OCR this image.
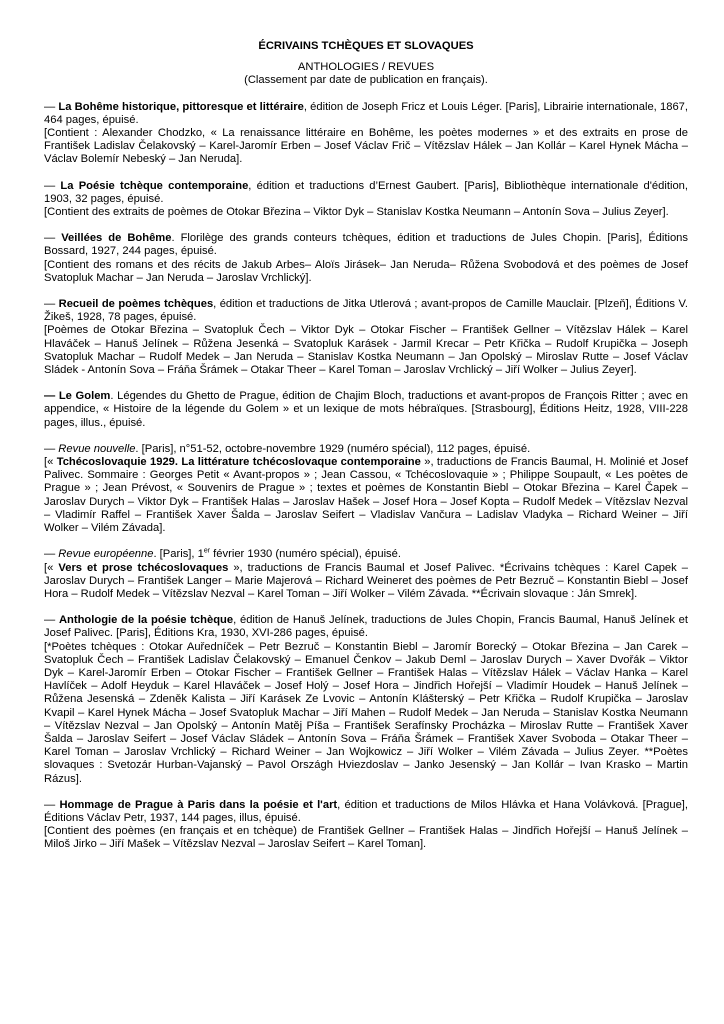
ÉCRIVAINS TCHÈQUES ET SLOVAQUES

ANTHOLOGIES / REVUES
(Classement par date de publication en français).

— La Bohême historique, pittoresque et littéraire, édition de Joseph Fricz et Louis Léger. [Paris], Librairie internationale, 1867, 464 pages, épuisé.

[Contient : Alexander Chodzko, « La renaissance littéraire en Bohême, les poètes modernes » et des extraits en prose de František Ladislav Čelakovský – Karel-Jaromír Erben – Josef Václav Frič – Vítězslav Hálek – Jan Kollár – Karel Hynek Mácha – Václav Bolemír Nebeský – Jan Neruda].

— La Poésie tchèque contemporaine, édition et traductions d’Ernest Gaubert. [Paris], Bibliothèque internationale d'édition, 1903, 32 pages, épuisé.

[Contient des extraits de poèmes de Otokar Březina – Viktor Dyk – Stanislav Kostka Neumann – Antonín Sova – Julius Zeyer].

— Veillées de Bohême. Florilège des grands conteurs tchèques, édition et traductions de Jules Chopin. [Paris], Éditions Bossard, 1927, 244 pages, épuisé.

[Contient des romans et des récits de Jakub Arbes– Aloïs Jirásek– Jan Neruda– Růžena Svobodová et des poèmes de Josef Svatopluk Machar – Jan Neruda – Jaroslav Vrchlický].

— Recueil de poèmes tchèques, édition et traductions de Jitka Utlerová ; avant-propos de Camille Mauclair. [Plzeň], Éditions V. Žikeš, 1928, 78 pages, épuisé.

[Poèmes de Otokar Březina – Svatopluk Čech – Viktor Dyk – Otokar Fischer – František Gellner – Vítězslav Hálek – Karel Hlaváček – Hanuš Jelínek – Růžena Jesenká – Svatopluk Karásek - Jarmil Krecar – Petr Křička – Rudolf Krupička – Joseph Svatopluk Machar – Rudolf Medek – Jan Neruda – Stanislav Kostka Neumann – Jan Opolský – Miroslav Rutte – Josef Václav Sládek - Antonín Sova – Fráňa Šrámek – Otakar Theer – Karel Toman – Jaroslav Vrchlický – Jiří Wolker – Julius Zeyer].

— Le Golem. Légendes du Ghetto de Prague, édition de Chajim Bloch, traductions et avant-propos de François Ritter ; avec en appendice, « Histoire de la légende du Golem » et un lexique de mots hébraïques. [Strasbourg], Éditions Heitz, 1928, VIII-228 pages, illus., épuisé.

— Revue nouvelle. [Paris], n°51-52, octobre-novembre 1929 (numéro spécial), 112 pages, épuisé.

[« Tchécoslovaquie 1929. La littérature tchécoslovaque contemporaine », traductions de Francis Baumal, H. Molinié et Josef Palivec. Sommaire : Georges Petit « Avant-propos » ; Jean Cassou, « Tchécoslovaquie » ; Philippe Soupault, « Les poètes de Prague » ; Jean Prévost, « Souvenirs de Prague » ; textes et poèmes de Konstantin Biebl – Otokar Březina – Karel Čapek – Jaroslav Durych – Viktor Dyk – František Halas – Jaroslav Hašek – Josef Hora – Josef Kopta – Rudolf Medek – Vítězslav Nezval – Vladimír Raffel – František Xaver Šalda – Jaroslav Seifert – Vladislav Vančura – Ladislav Vladyka – Richard Weiner – Jiří Wolker – Vilém Závada].

— Revue européenne. [Paris], 1er février 1930 (numéro spécial), épuisé.

[« Vers et prose tchécoslovaques », traductions de Francis Baumal et Josef Palivec. *Écrivains tchèques : Karel Capek – Jaroslav Durych – František Langer – Marie Majerová – Richard Weineret des poèmes de Petr Bezruč – Konstantin Biebl – Josef Hora – Rudolf Medek – Vítězslav Nezval – Karel Toman – Jiří Wolker – Vilém Závada. **Écrivain slovaque : Ján Smrek].

— Anthologie de la poésie tchèque, édition de Hanuš Jelínek, traductions de Jules Chopin, Francis Baumal, Hanuš Jelínek et Josef Palivec. [Paris], Éditions Kra, 1930, XVI-286 pages, épuisé.

[*Poètes tchèques : Otokar Auředníček – Petr Bezruč – Konstantin Biebl – Jaromír Borecký – Otokar Březina – Jan Carek – Svatopluk Čech – František Ladislav Čelakovský – Emanuel Čenkov – Jakub Deml – Jaroslav Durych – Xaver Dvořák – Viktor Dyk – Karel-Jaromír Erben – Otokar Fischer – František Gellner – František Halas – Vítězslav Hálek – Václav Hanka – Karel Havlíček – Adolf Heyduk – Karel Hlaváček – Josef Holý – Josef Hora – Jindřich Hořejší – Vladimír Houdek – Hanuš Jelínek – Růžena Jesenská – Zdeněk Kalista – Jiří Karásek Ze Lvovic – Antonín Klášterský – Petr Křička – Rudolf Krupička – Jaroslav Kvapil – Karel Hynek Mácha – Josef Svatopluk Machar – Jiří Mahen – Rudolf Medek – Jan Neruda – Stanislav Kostka Neumann – Vítězslav Nezval – Jan Opolský – Antonín Matěj Píša – František Serafínsky Procházka – Miroslav Rutte – František Xaver Šalda – Jaroslav Seifert – Josef Václav Sládek – Antonín Sova – Fráňa Šrámek – František Xaver Svoboda – Otakar Theer – Karel Toman – Jaroslav Vrchlický – Richard Weiner – Jan Wojkowicz – Jiří Wolker – Vilém Závada – Julius Zeyer. **Poètes slovaques : Svetozár Hurban-Vajanský – Pavol Országh Hviezdoslav – Janko Jesenský – Jan Kollár – Ivan Krasko – Martin Rázus].

— Hommage de Prague à Paris dans la poésie et l'art, édition et traductions de Milos Hlávka et Hana Volávková. [Prague], Éditions Václav Petr, 1937, 144 pages, illus, épuisé.

[Contient des poèmes (en français et en tchèque) de František Gellner – František Halas – Jindřich Hořejší – Hanuš Jelínek – Miloš Jirko – Jiří Mašek – Vítězslav Nezval – Jaroslav Seifert – Karel Toman].
